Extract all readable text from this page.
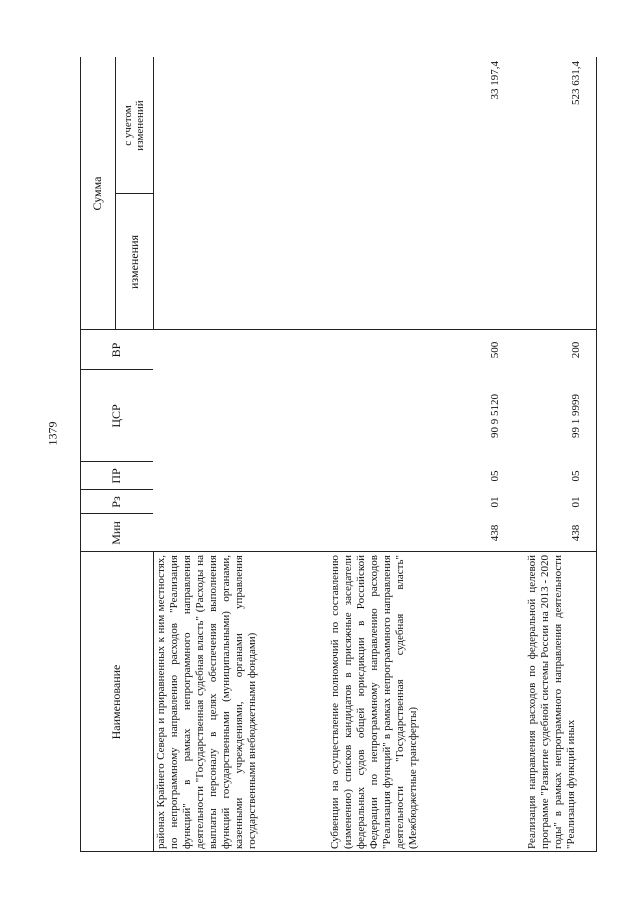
1379
Наименование
Мин
Рз
ПР
ЦСР
ВР
Сумма
изменения
с учетом изменений
районах Крайнего Севера и приравненных к ним местностях, по непрограммному направлению расходов "Реализация функций" в рамках непрограммного направления деятельности "Государственная судебная власть" (Расходы на выплаты персоналу в целях обеспечения выполнения функций государственными (муниципальными) органами, казенными учреждениями, органами управления государственными внебюджетными фондами)	Субвенции на осуществление полномочий по составлению (изменению) списков кандидатов в присяжные заседатели федеральных судов общей юрисдикции в Российской Федерации по непрограммному направлению расходов "Реализация функций" в рамках непрограммного направления деятельности "Государственная судебная власть" (Межбюджетные трансферты)
438
01
05
90 9 5120
500
33 197,4
Реализация направления расходов по федеральной целевой программе "Развитие судебной системы России на 2013 - 2020 годы" в рамках непрограммного направления деятельности "Реализация функций иных
438
01
05
99 1 9999
200
523 631,4
